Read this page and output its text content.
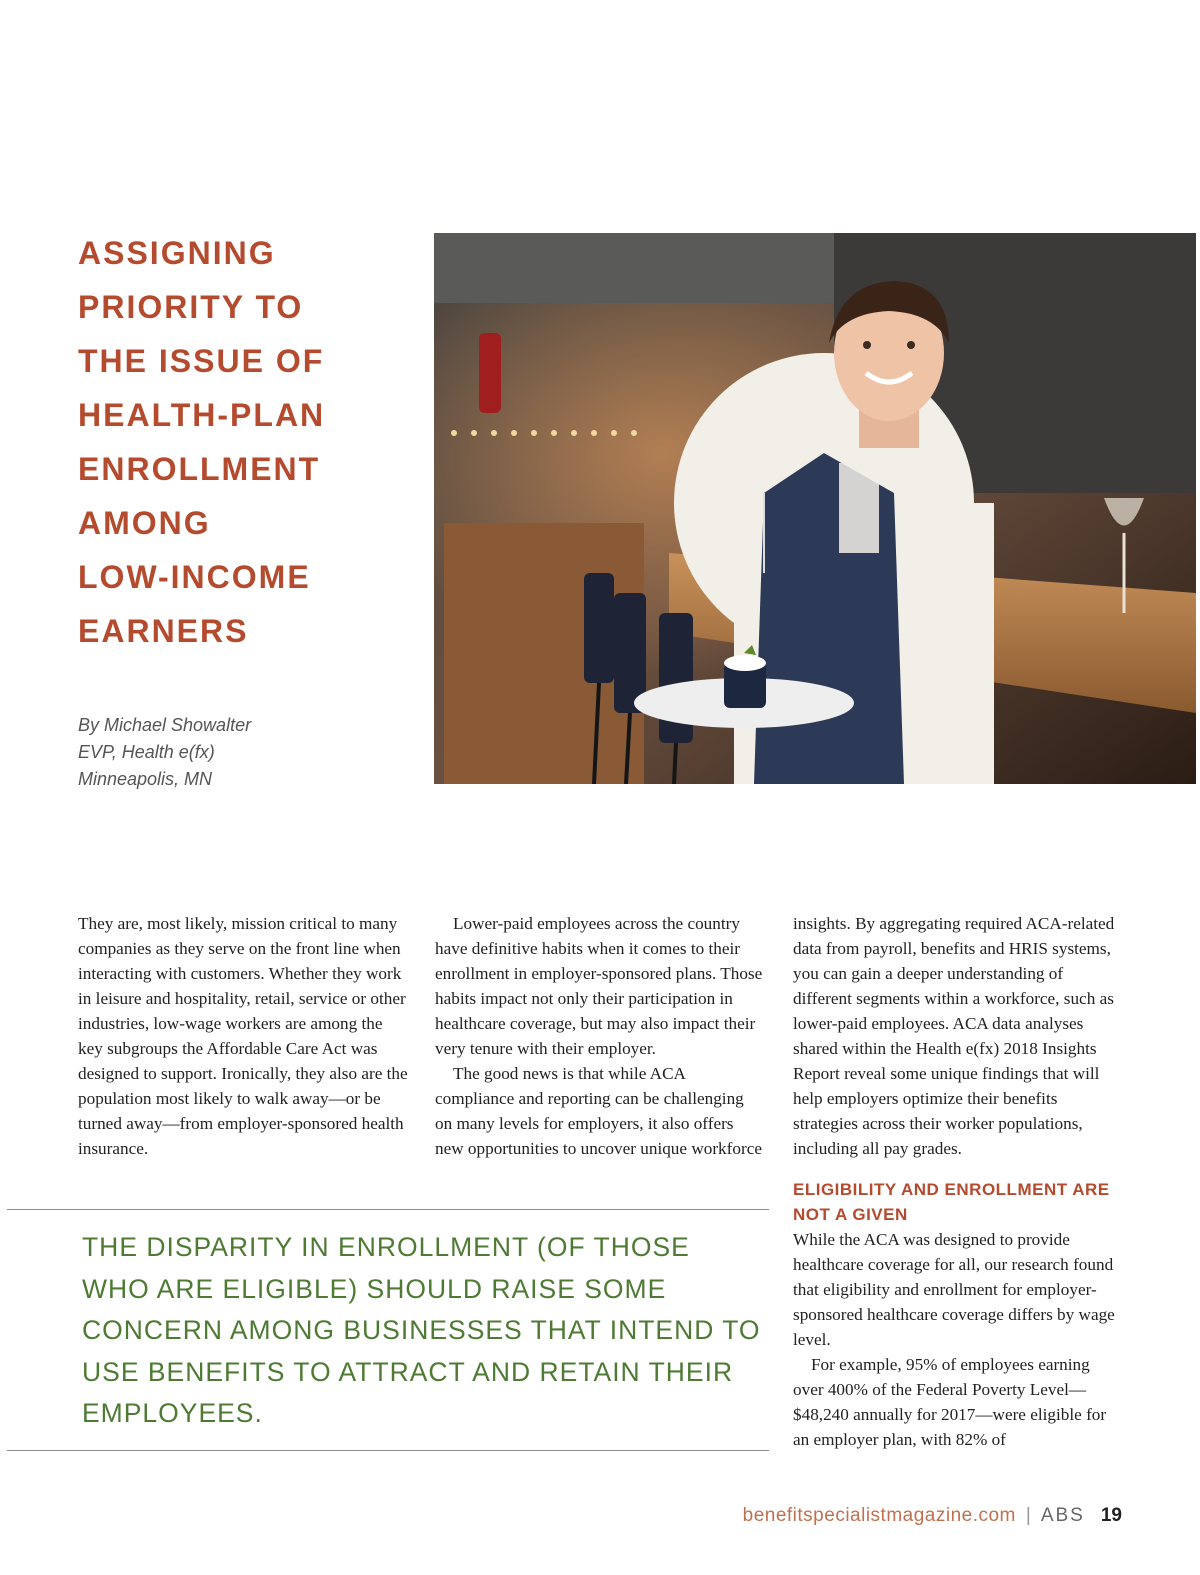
ASSIGNING
PRIORITY TO
THE ISSUE OF
HEALTH-PLAN
ENROLLMENT
AMONG
LOW-INCOME
EARNERS
By Michael Showalter
EVP, Health e(fx)
Minneapolis, MN

They are, most likely, mission critical to many companies as they serve on the front line when interacting with customers. Whether they work in leisure and hospitality, retail, service or other industries, low-wage workers are among the key subgroups the Affordable Care Act was designed to support. Ironically, they also are the population most likely to walk away—or be turned away—from employer-sponsored health insurance.

Lower-paid employees across the country have definitive habits when it comes to their enrollment in employer-sponsored plans. Those habits impact not only their participation in healthcare coverage, but may also impact their very tenure with their employer.

The good news is that while ACA compliance and reporting can be challenging on many levels for employers, it also offers new opportunities to uncover unique workforce

insights. By aggregating required ACA-related data from payroll, benefits and HRIS systems, you can gain a deeper understanding of different segments within a workforce, such as lower-paid employees. ACA data analyses shared within the Health e(fx) 2018 Insights Report reveal some unique findings that will help employers optimize their benefits strategies across their worker populations, including all pay grades.

ELIGIBILITY AND ENROLLMENT ARE NOT A GIVEN

While the ACA was designed to provide healthcare coverage for all, our research found that eligibility and enrollment for employer-sponsored healthcare coverage differs by wage level.

For example, 95% of employees earning over 400% of the Federal Poverty Level—$48,240 annually for 2017—were eligible for an employer plan, with 82% of

THE DISPARITY IN ENROLLMENT (OF THOSE WHO ARE ELIGIBLE) SHOULD RAISE SOME CONCERN AMONG BUSINESSES THAT INTEND TO USE BENEFITS TO ATTRACT AND RETAIN THEIR EMPLOYEES.

benefitspecialistmagazine.com | ABS 19
